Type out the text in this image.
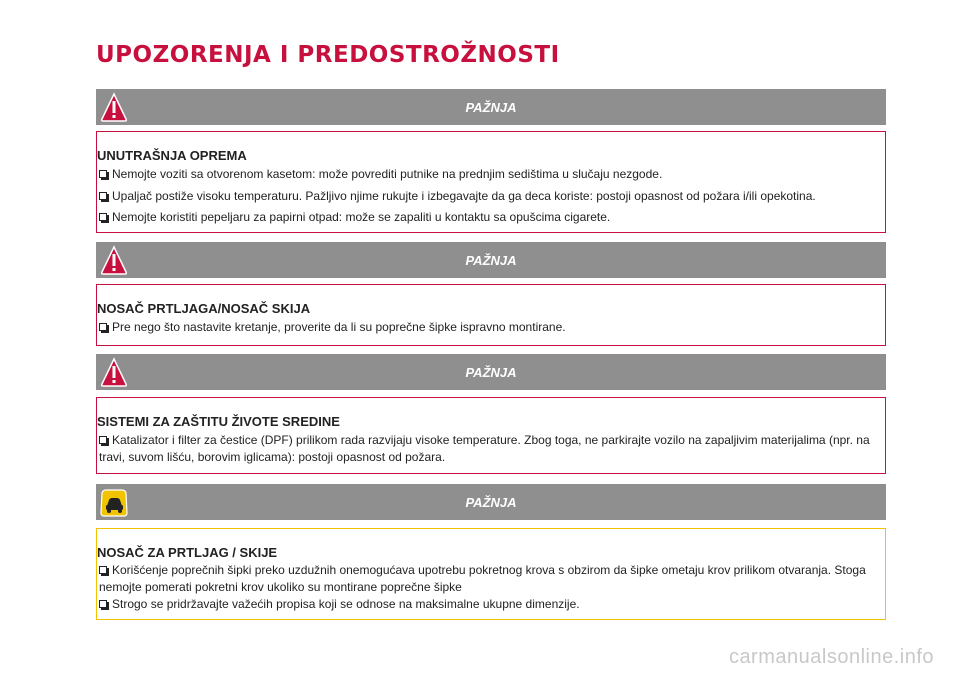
UPOZORENJA I PREDOSTROŽNOSTI
PAŽNJA
UNUTRAŠNJA OPREMA
Nemojte voziti sa otvorenom kasetom: može povrediti putnike na prednjim sedištima u slučaju nezgode.
Upaljač postiže visoku temperaturu. Pažljivo njime rukujte i izbegavajte da ga deca koriste: postoji opasnost od požara i/ili opekotina.
Nemojte koristiti pepeljaru za papirni otpad: može se zapaliti u kontaktu sa opušcima cigarete.
PAŽNJA
NOSAČ PRTLJAGA/NOSAČ SKIJA
Pre nego što nastavite kretanje, proverite da li su poprečne šipke ispravno montirane.
PAŽNJA
SISTEMI ZA ZAŠTITU ŽIVOTE SREDINE
Katalizator i filter za čestice (DPF) prilikom rada razvijaju visoke temperature. Zbog toga, ne parkirajte vozilo na zapaljivim materijalima (npr. na travi, suvom lišću, borovim iglicama): postoji opasnost od požara.
PAŽNJA
NOSAČ ZA PRTLJAG / SKIJE
Korišćenje poprečnih šipki preko uzdužnih onemogućava upotrebu pokretnog krova s obzirom da šipke ometaju krov prilikom otvaranja. Stoga nemojte pomerati pokretni krov ukoliko su montirane poprečne šipke
Strogo se pridržavajte važećih propisa koji se odnose na maksimalne ukupne dimenzije.
carmanualsonline.info
